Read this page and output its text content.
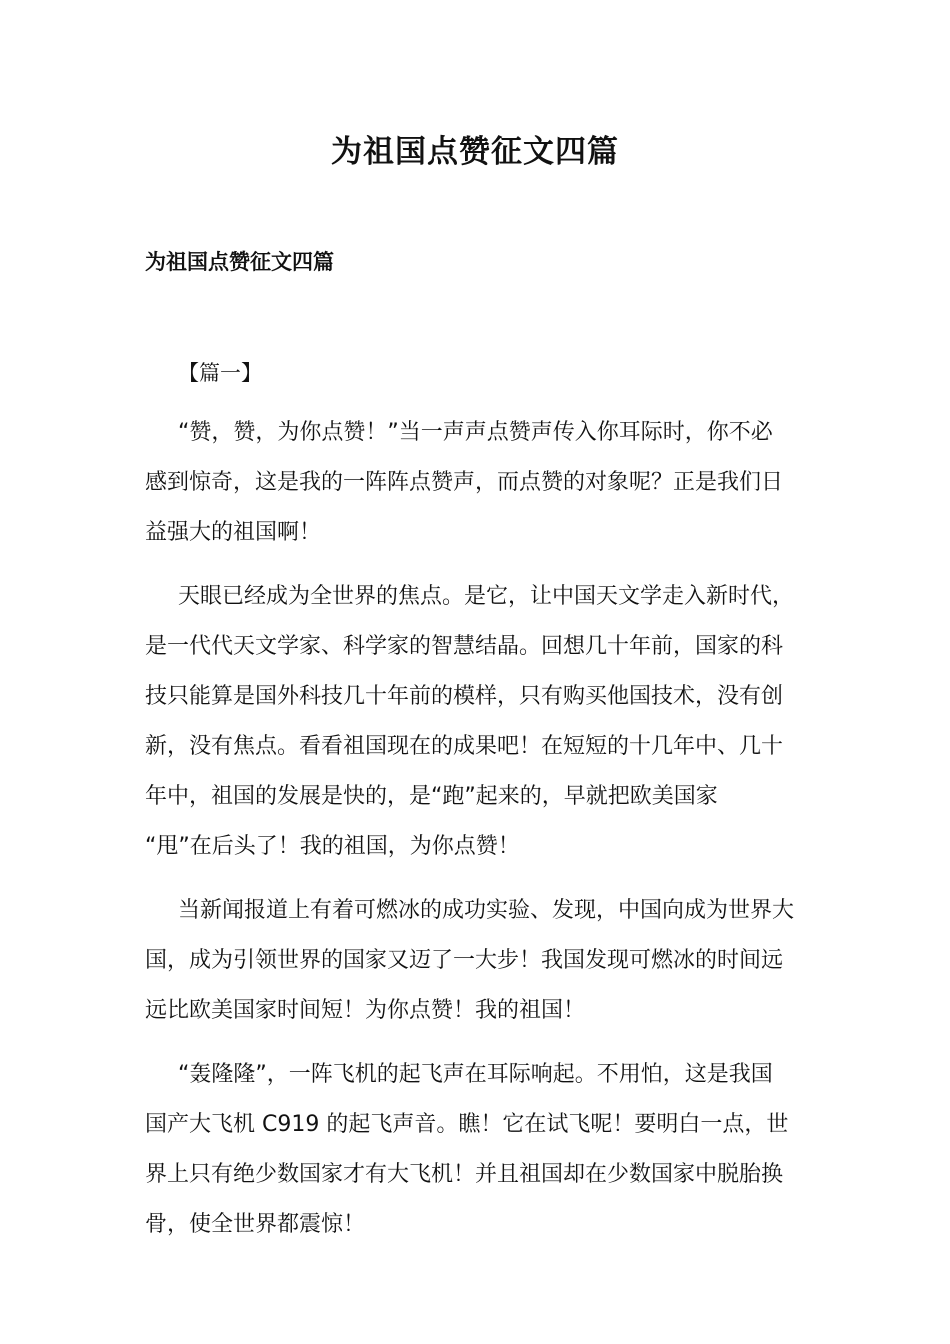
为祖国点赞征文四篇
为祖国点赞征文四篇
【篇一】

“赞，赞，为你点赞！”当一声声点赞声传入你耳际时，你不必
感到惊奇，这是我的一阵阵点赞声，而点赞的对象呢？正是我们日
益强大的祖国啊！

天眼已经成为全世界的焦点。是它，让中国天文学走入新时代，
是一代代天文学家、科学家的智慧结晶。回想几十年前，国家的科
技只能算是国外科技几十年前的模样，只有购买他国技术，没有创
新，没有焦点。看看祖国现在的成果吧！在短短的十几年中、几十
年中，祖国的发展是快的，是“跑”起来的，早就把欧美国家
“甩”在后头了！我的祖国，为你点赞！

当新闻报道上有着可燃冰的成功实验、发现，中国向成为世界大
国，成为引领世界的国家又迈了一大步！我国发现可燃冰的时间远
远比欧美国家时间短！为你点赞！我的祖国！

“轰隆隆”，一阵飞机的起飞声在耳际响起。不用怕，这是我国
国产大飞机 C919 的起飞声音。瞧！它在试飞呢！要明白一点，世
界上只有绝少数国家才有大飞机！并且祖国却在少数国家中脱胎换
骨，使全世界都震惊！
